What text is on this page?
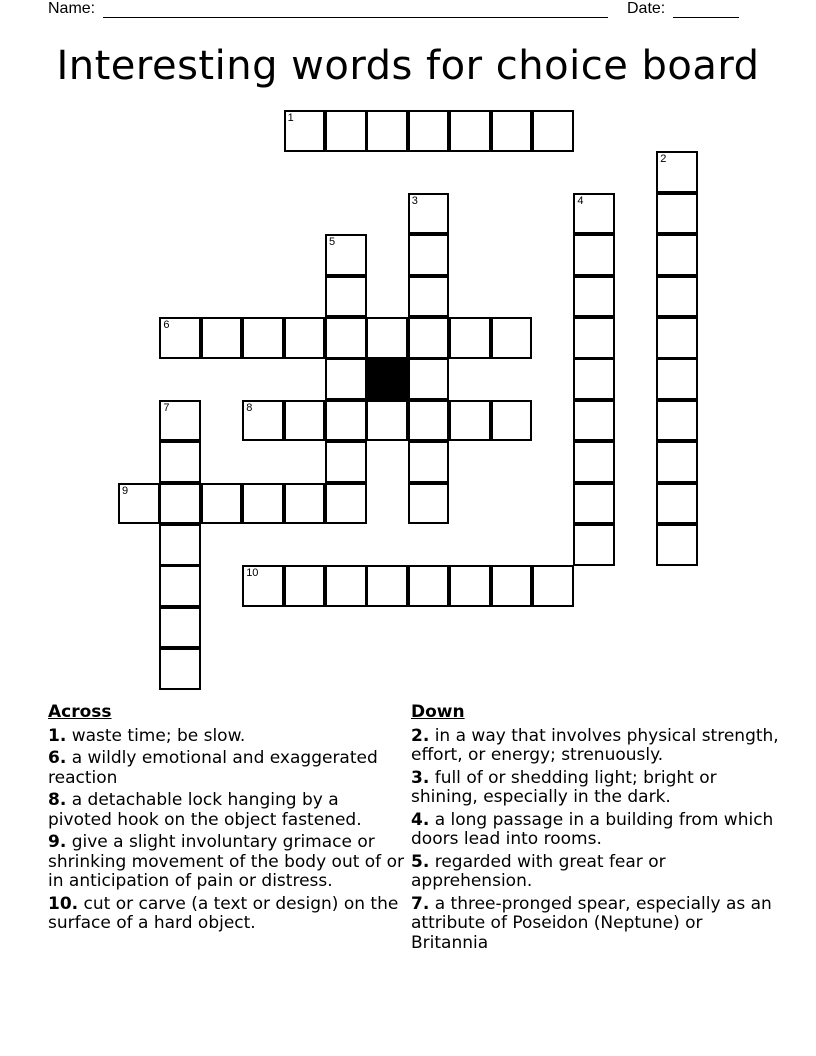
Name:	Date:
Interesting words for choice board
1
2
3	4
5
6
7	8
9
10
Across
1. waste time; be slow.
6. a wildly emotional and exaggerated reaction
8. a detachable lock hanging by a pivoted hook on the object fastened.
9. give a slight involuntary grimace or shrinking movement of the body out of or in anticipation of pain or distress.
10. cut or carve (a text or design) on the surface of a hard object.
Down
2. in a way that involves physical strength, effort, or energy; strenuously.
3. full of or shedding light; bright or shining, especially in the dark.
4. a long passage in a building from which doors lead into rooms.
5. regarded with great fear or apprehension.
7. a three-pronged spear, especially as an attribute of Poseidon (Neptune) or Britannia
